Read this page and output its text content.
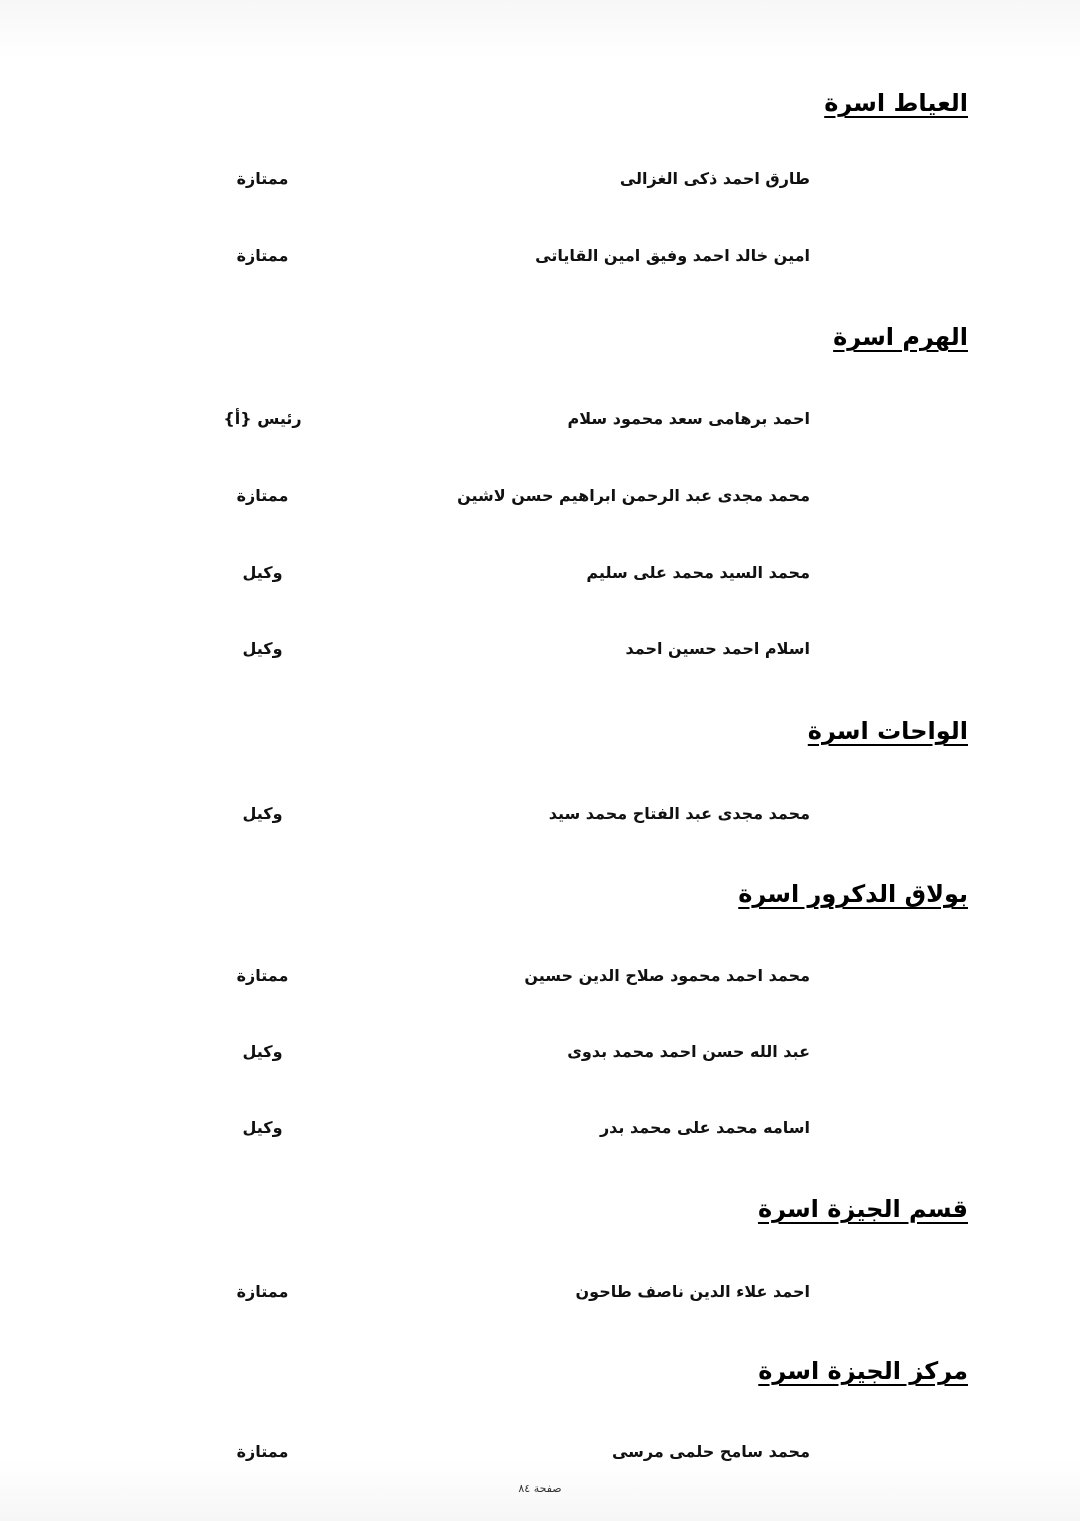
العياط اسرة
طارق احمد ذكى الغزالى
ممتازة
امين خالد احمد وفيق امين القاياتى
ممتازة
الهرم اسرة
احمد برهامى سعد محمود سلام
رئيس {أ}
محمد مجدى عبد الرحمن ابراهيم حسن لاشين
ممتازة
محمد السيد محمد على سليم
وكيل
اسلام احمد حسين احمد
وكيل
الواحات اسرة
محمد مجدى عبد الفتاح محمد سيد
وكيل
بولاق الدكرور اسرة
محمد احمد محمود صلاح الدين حسين
ممتازة
عبد الله حسن احمد محمد بدوى
وكيل
اسامه محمد على محمد بدر
وكيل
قسم الجيزة اسرة
احمد علاء الدين ناصف طاحون
ممتازة
مركز الجيزة اسرة
محمد سامح حلمى مرسى
ممتازة
صفحة ٨٤
